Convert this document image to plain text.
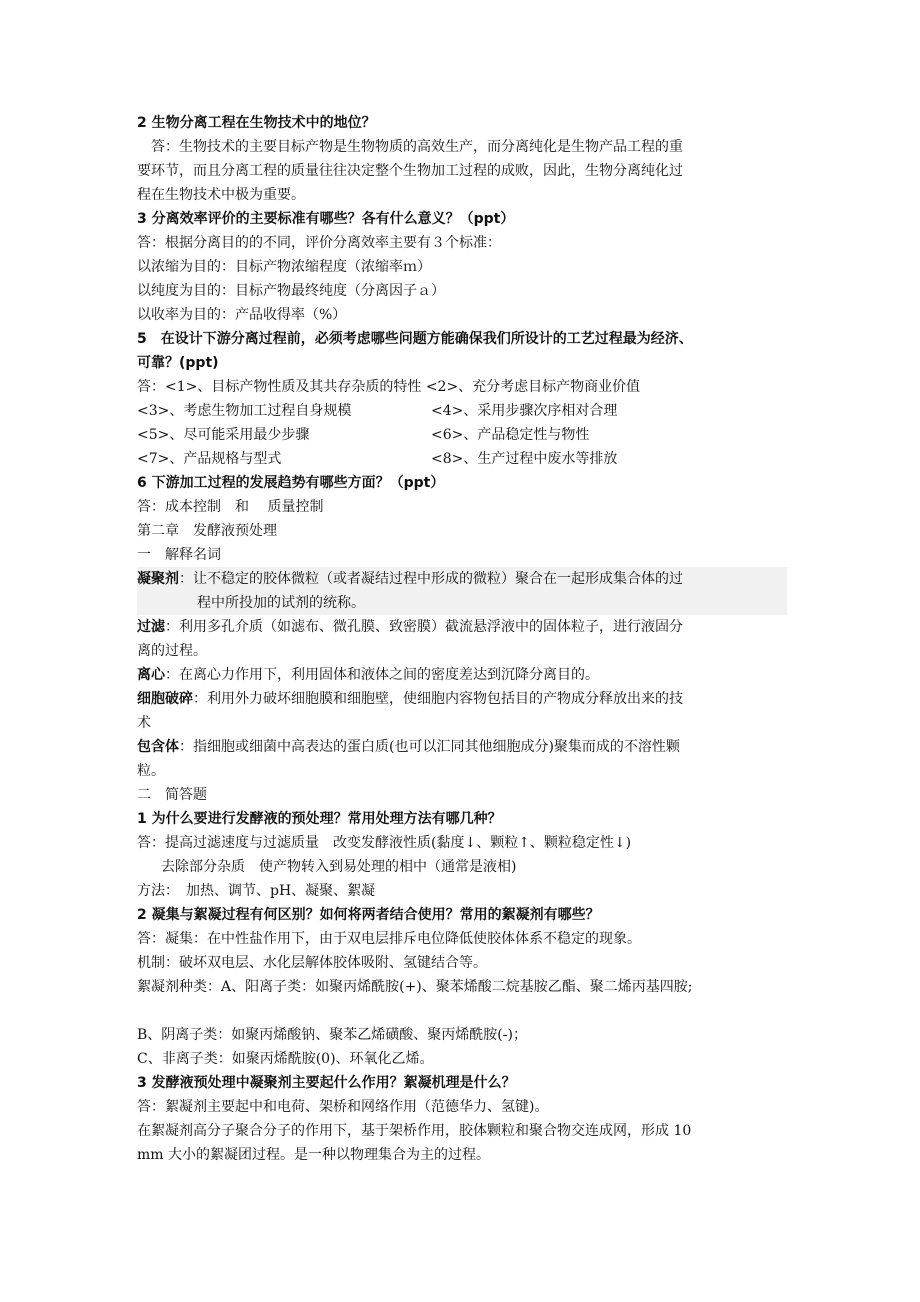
2 生物分离工程在生物技术中的地位？
答：生物技术的主要目标产物是生物物质的高效生产，而分离纯化是生物产品工程的重
要环节，而且分离工程的质量往往决定整个生物加工过程的成败，因此，生物分离纯化过
程在生物技术中极为重要。
3 分离效率评价的主要标准有哪些？各有什么意义？（ppt）
答：根据分离目的的不同，评价分离效率主要有３个标准：
以浓缩为目的：目标产物浓缩程度（浓缩率ｍ）
以纯度为目的：目标产物最终纯度（分离因子ａ）
以收率为目的：产品收得率（%）
5　在设计下游分离过程前，必须考虑哪些问题方能确保我们所设计的工艺过程最为经济、
可靠？(ppt)
答：<1>、目标产物性质及其共存杂质的特性 <2>、充分考虑目标产物商业价值
<3>、考虑生物加工过程自身规模	<4>、采用步骤次序相对合理
<5>、尽可能采用最少步骤	<6>、产品稳定性与物性
<7>、产品规格与型式	<8>、生产过程中废水等排放
6 下游加工过程的发展趋势有哪些方面？（ppt）
答：成本控制　和　 质量控制
第二章　发酵液预处理
一　解释名词
凝聚剂：让不稳定的胶体微粒（或者凝结过程中形成的微粒）聚合在一起形成集合体的过
程中所投加的试剂的统称。
过滤：利用多孔介质（如滤布、微孔膜、致密膜）截流悬浮液中的固体粒子，进行液固分
离的过程。
离心：在离心力作用下，利用固体和液体之间的密度差达到沉降分离目的。
细胞破碎：利用外力破坏细胞膜和细胞壁，使细胞内容物包括目的产物成分释放出来的技
术
包含体：指细胞或细菌中高表达的蛋白质(也可以汇同其他细胞成分)聚集而成的不溶性颗
粒。
二　简答题
1 为什么要进行发酵液的预处理？常用处理方法有哪几种？
答：提高过滤速度与过滤质量　改变发酵液性质(黏度↓、颗粒↑、颗粒稳定性↓)
去除部分杂质　使产物转入到易处理的相中（通常是液相)
方法：　加热、调节、pH、凝聚、絮凝
2 凝集与絮凝过程有何区别？如何将两者结合使用？常用的絮凝剂有哪些？
答：凝集：在中性盐作用下，由于双电层排斥电位降低使胶体体系不稳定的现象。
机制：破坏双电层、水化层解体胶体吸附、氢键结合等。
絮凝剂种类：A、阳离子类：如聚丙烯酰胺(+)、聚苯烯酸二烷基胺乙酯、聚二烯丙基四胺;
B、阴离子类：如聚丙烯酸钠、聚苯乙烯磺酸、聚丙烯酰胺(-)；
C、非离子类：如聚丙烯酰胺(0)、环氧化乙烯。
3 发酵液预处理中凝聚剂主要起什么作用？絮凝机理是什么？
答：絮凝剂主要起中和电荷、架桥和网络作用（范德华力、氢键)。
在絮凝剂高分子聚合分子的作用下，基于架桥作用，胶体颗粒和聚合物交连成网，形成 10
mm 大小的絮凝团过程。是一种以物理集合为主的过程。
